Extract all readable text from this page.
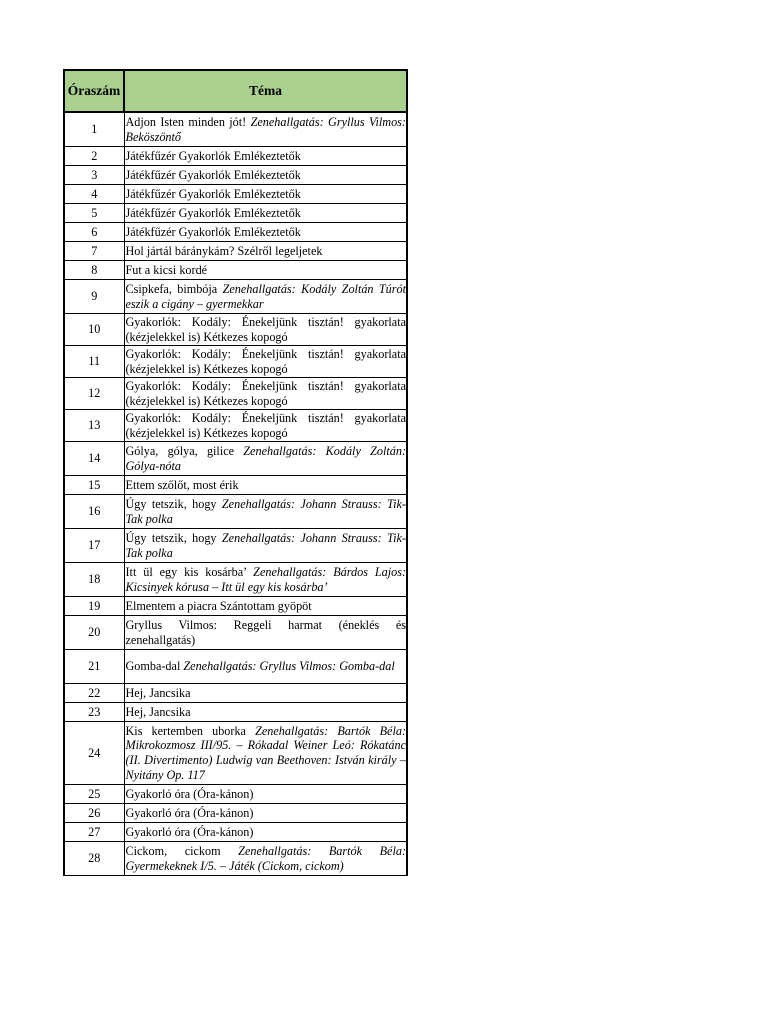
Óraszám	Téma
1	Adjon Isten minden jót! Zenehallgatás: Gryllus Vilmos: Beköszöntő
2	Játékfűzér Gyakorlók Emlékeztetők
3	Játékfűzér Gyakorlók Emlékeztetők
4	Játékfűzér Gyakorlók Emlékeztetők
5	Játékfűzér Gyakorlók Emlékeztetők
6	Játékfűzér Gyakorlók Emlékeztetők
7	Hol jártál báránykám? Szélről legeljetek
8	Fut a kicsi kordé
9	Csipkefa, bimbója Zenehallgatás: Kodály Zoltán Túrót eszik a cigány – gyermekkar
10	Gyakorlók: Kodály: Énekeljünk tisztán! gyakorlata (kézjelekkel is) Kétkezes kopogó
11	Gyakorlók: Kodály: Énekeljünk tisztán! gyakorlata (kézjelekkel is) Kétkezes kopogó
12	Gyakorlók: Kodály: Énekeljünk tisztán! gyakorlata (kézjelekkel is) Kétkezes kopogó
13	Gyakorlók: Kodály: Énekeljünk tisztán! gyakorlata (kézjelekkel is) Kétkezes kopogó
14	Gólya, gólya, gilice Zenehallgatás: Kodály Zoltán: Gólya-nóta
15	Ettem szőlőt, most érik
16	Úgy tetszik, hogy Zenehallgatás: Johann Strauss: Tik-Tak polka
17	Úgy tetszik, hogy Zenehallgatás: Johann Strauss: Tik-Tak polka
18	Itt ül egy kis kosárba’ Zenehallgatás: Bárdos Lajos: Kicsinyek kórusa – Itt ül egy kis kosárba’
19	Elmentem a piacra Szántottam gyöpöt
20	Gryllus Vilmos: Reggeli harmat (éneklés és zenehallgatás)
21	Gomba-dal Zenehallgatás: Gryllus Vilmos: Gomba-dal
22	Hej, Jancsika
23	Hej, Jancsika
24	Kis kertemben uborka Zenehallgatás: Bartók Béla: Mikrokozmosz III/95. – Rókadal Weiner Leó: Rókatánc (II. Divertimento) Ludwig van Beethoven: István király – Nyitány Op. 117
25	Gyakorló óra (Óra-kánon)
26	Gyakorló óra (Óra-kánon)
27	Gyakorló óra (Óra-kánon)
28	Cickom, cickom Zenehallgatás: Bartók Béla: Gyermekeknek I/5. – Játék (Cickom, cickom)
